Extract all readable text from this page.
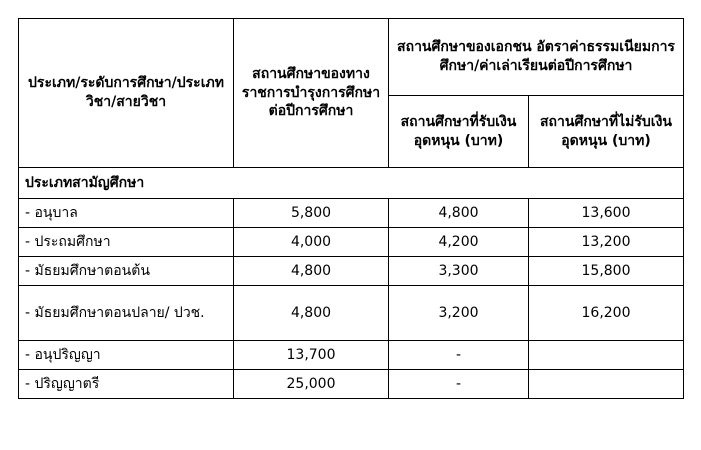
ประเภท/ระดับการศึกษา/ประเภทวิชา/สายวิชา	สถานศึกษาของทางราชการบำรุงการศึกษาต่อปีการศึกษา	สถานศึกษาของเอกชน อัตราค่าธรรมเนียมการศึกษา/ค่าเล่าเรียนต่อปีการศึกษา	
		สถานศึกษาที่รับเงินอุดหนุน (บาท)	สถานศึกษาที่ไม่รับเงินอุดหนุน (บาท)
ประเภทสามัญศึกษา			
- อนุบาล	5,800	4,800	13,600
- ประถมศึกษา	4,000	4,200	13,200
- มัธยมศึกษาตอนต้น	4,800	3,300	15,800
- มัธยมศึกษาตอนปลาย/ ปวช.	4,800	3,200	16,200
- อนุปริญญา	13,700	-	
- ปริญญาตรี	25,000	-	
